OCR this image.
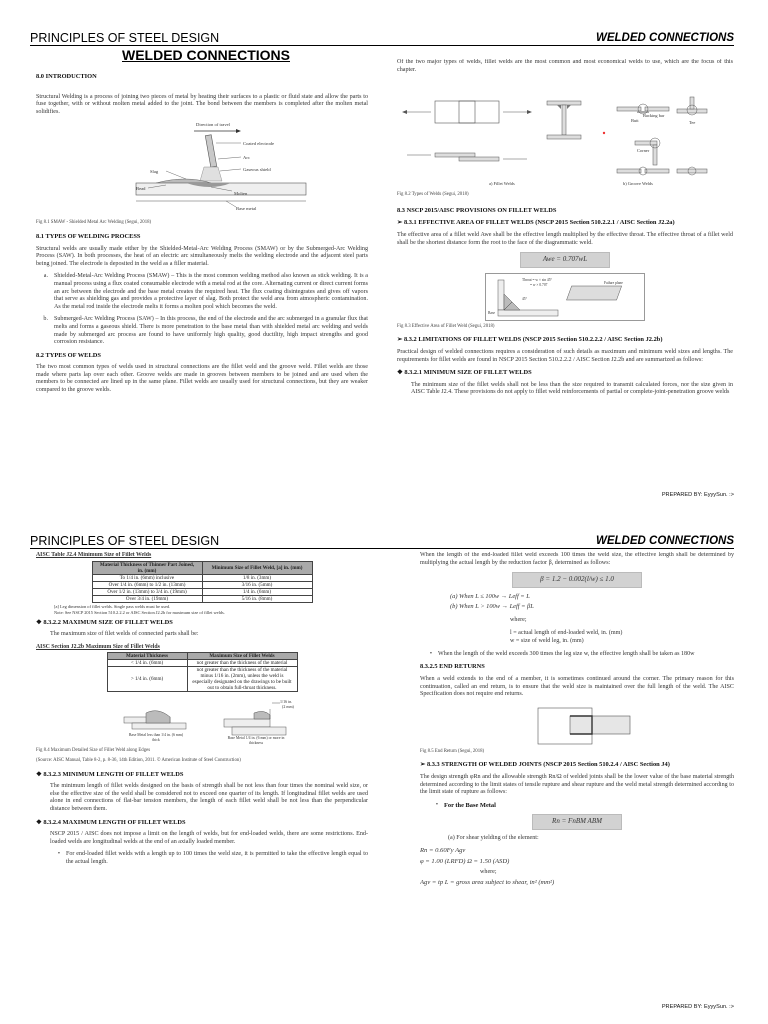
PRINCIPLES OF STEEL DESIGN	WELDED CONNECTIONS
WELDED CONNECTIONS

8.0 INTRODUCTION

Structural Welding is a process of joining two pieces of metal by heating their surfaces to a plastic or fluid state and allow the parts to fuse together, with or without molten metal added to the joint. The bond between the members is completed after the molten metal solidifies.

Direction of travel
Coated electrode
Arc
Gaseous shield
Slag
Bead
Molten
Base metal

Fig 8.1 SMAW - Shielded Metal Arc Welding (Segui, 2018)

8.1 TYPES OF WELDING PROCESS

Structural welds are usually made either by the Shielded-Metal-Arc Welding Process (SMAW) or by the Submerged-Arc Welding Process (SAW). In both processes, the heat of an electric arc simultaneously melts the welding electrode and the adjacent steel parts being joined. The electrode is deposited in the weld as a filler material.

a. Shielded-Metal-Arc Welding Process (SMAW) – This is the most common welding method also known as stick welding. It is a manual process using a flux coated consumable electrode with a metal rod at the core. Alternating current or direct current forms an arc between the electrode and the base metal creates the required heat. The flux coating disintegrates and gives off vapors that serve as shielding gas and provides a protective layer of slag. Both protect the weld area from atmospheric contamination. As the metal rod inside the electrode melts it forms a molten pool which becomes the weld.
b. Submerged-Arc Welding Process (SAW) – In this process, the end of the electrode and the arc submerged in a granular flux that melts and forms a gaseous shield. There is more penetration to the base metal than with shielded metal arc welding and welds made by submerged arc process are found to have uniformly high quality, good ductility, high impact strengths and good corrosion resistance.

8.2 TYPES OF WELDS

The two most common types of welds used in structural connections are the fillet weld and the groove weld. Fillet welds are those made where parts lap over each other. Groove welds are made in grooves between members to be joined and are used when the members to be connected are lined up in the same plane. Fillet welds are usually used for structural connections, but they are weaker compared to the groove welds.

Of the two major types of welds, fillet welds are the most common and most economical welds to use, which are the focus of this chapter.

Backing bar
Butt	Tee
Corner
a) Fillet Welds	b) Groove Welds

Fig 8.2 Types of Welds (Segui, 2018)

8.3 NSCP 2015/AISC PROVISIONS ON FILLET WELDS

➢ 8.3.1 EFFECTIVE AREA OF FILLET WELDS (NSCP 2015 Section 510.2.2.1 / AISC Section J2.2a)

The effective area of a fillet weld Awe shall be the effective length multiplied by the effective throat. The effective throat of a fillet weld shall be the shortest distance form the root to the face of the diagrammatic weld.

Awe = 0.707wL
Throat = w × sin 45°
= w × 0.707
45°
Base
Failure plane

Fig 8.3 Effective Area of Fillet Weld (Segui, 2018)

➢ 8.3.2 LIMITATIONS OF FILLET WELDS (NSCP 2015 Section 510.2.2.2 / AISC Section J2.2b)

Practical design of welded connections requires a consideration of such details as maximum and minimum weld sizes and lengths. The requirements for fillet welds are found in NSCP 2015 Section 510.2.2.2 / AISC Section J2.2b and are summarized as follows:

❖ 8.3.2.1 MINIMUM SIZE OF FILLET WELDS

The minimum size of the fillet welds shall not be less than the size required to transmit calculated forces, nor the size given in AISC Table J2.4. These provisions do not apply to fillet weld reinforcements of partial or complete-joint-penetration groove welds

PREPARED BY: EyyySun. :>
PRINCIPLES OF STEEL DESIGN	WELDED CONNECTIONS

AISC Table J2.4 Minimum Size of Fillet Welds

Material Thickness of Thinner Part Joined, in. (mm)	Minimum Size of Fillet Weld, [a] in. (mm)
To 1/4 in. (6mm) inclusive	1/8 in. (3mm)
Over 1/4 in. (6mm) to 1/2 in. (13mm)	3/16 in. (5mm)
Over 1/2 in. (13mm) to 3/4 in. (19mm)	1/4 in. (6mm)
Over 3/4 in. (19mm)	5/16 in. (8mm)

[a] Leg dimension of fillet welds. Single pass welds must be used.

Note: See NSCP 2015 Section 510.2.2.2 or AISC Section J2.2b for maximum size of fillet welds.

❖ 8.3.2.2 MAXIMUM SIZE OF FILLET WELDS

The maximum size of filet welds of connected parts shall be:

AISC Section J2.2b Maximum Size of Fillet Welds

Material Thickness	Maximum Size of Fillet Welds
< 1/4 in. (6mm)	not greater than the thickness of the material
> 1/4 in. (6mm)	not greater than the thickness of the material minus 1/16 in. (2mm), unless the weld is especially designated on the drawings to be built out to obtain full-throat thickness.
1/16 in.
(2 mm)
Base Metal less than 1/4 in. (6 mm) thick	Base Metal 1/4 in. (6 mm) or more in thickness

Fig 8.4 Maximum Detailed Size of Fillet Weld along Edges

(Source: AISC Manual, Table 8-2, p. 8-36, 14th Edition, 2011. © American Institute of Steel Construction)

❖ 8.3.2.3 MINIMUM LENGTH OF FILLET WELDS

The minimum length of fillet welds designed on the basis of strength shall be not less than four times the nominal weld size, or else the effective size of the weld shall be considered not to exceed one quarter of its length. If longitudinal fillet welds are used alone in end connections of flat-bar tension members, the length of each fillet weld shall be not less than the perpendicular distance between them.

❖ 8.3.2.4 MAXIMUM LENGTH OF FILLET WELDS

NSCP 2015 / AISC does not impose a limit on the length of welds, but for end-loaded welds, there are some restrictions. End-loaded welds are longitudinal welds at the end of an axially loaded member.

• For end-loaded fillet welds with a length up to 100 times the weld size, it is permitted to take the effective length equal to the actual length.

When the length of the end-loaded fillet weld exceeds 100 times the weld size, the effective length shall be determined by multiplying the actual length by the reduction factor β, determined as follows:

β = 1.2 − 0.002(l/w) ≤ 1.0

(a) When L ≤ 100w → Leff = L

(b) When L > 100w → Leff = βL

where;

l = actual length of end-loaded weld, in. (mm)

w = size of weld leg, in. (mm)

• When the length of the weld exceeds 300 times the leg size w, the effective length shall be taken as 180w

8.3.2.5 END RETURNS

When a weld extends to the end of a member, it is sometimes continued around the corner. The primary reason for this continuation, called an end return, is to ensure that the weld size is maintained over the full length of the weld. The AISC Specification does not require end returns.

Fig 8.5 End Return (Segui, 2018)

➢ 8.3.3 STRENGTH OF WELDED JOINTS (NSCP 2015 Section 510.2.4 / AISC Section J4)

The design strength φRn and the allowable strength Rn/Ω of welded joints shall be the lower value of the base material strength determined according to the limit states of tensile rupture and shear rupture and the weld metal strength determined according to the limit state of rupture as follows:

• For the Base Metal
Rn = FnBM ABM

(a) For shear yielding of the element:

Rn = 0.60Fy Agv

φ = 1.00 (LRFD) Ω = 1.50 (ASD)

where;

Agv = tp L = gross area subject to shear, in² (mm²)

PREPARED BY: EyyySun. :>
